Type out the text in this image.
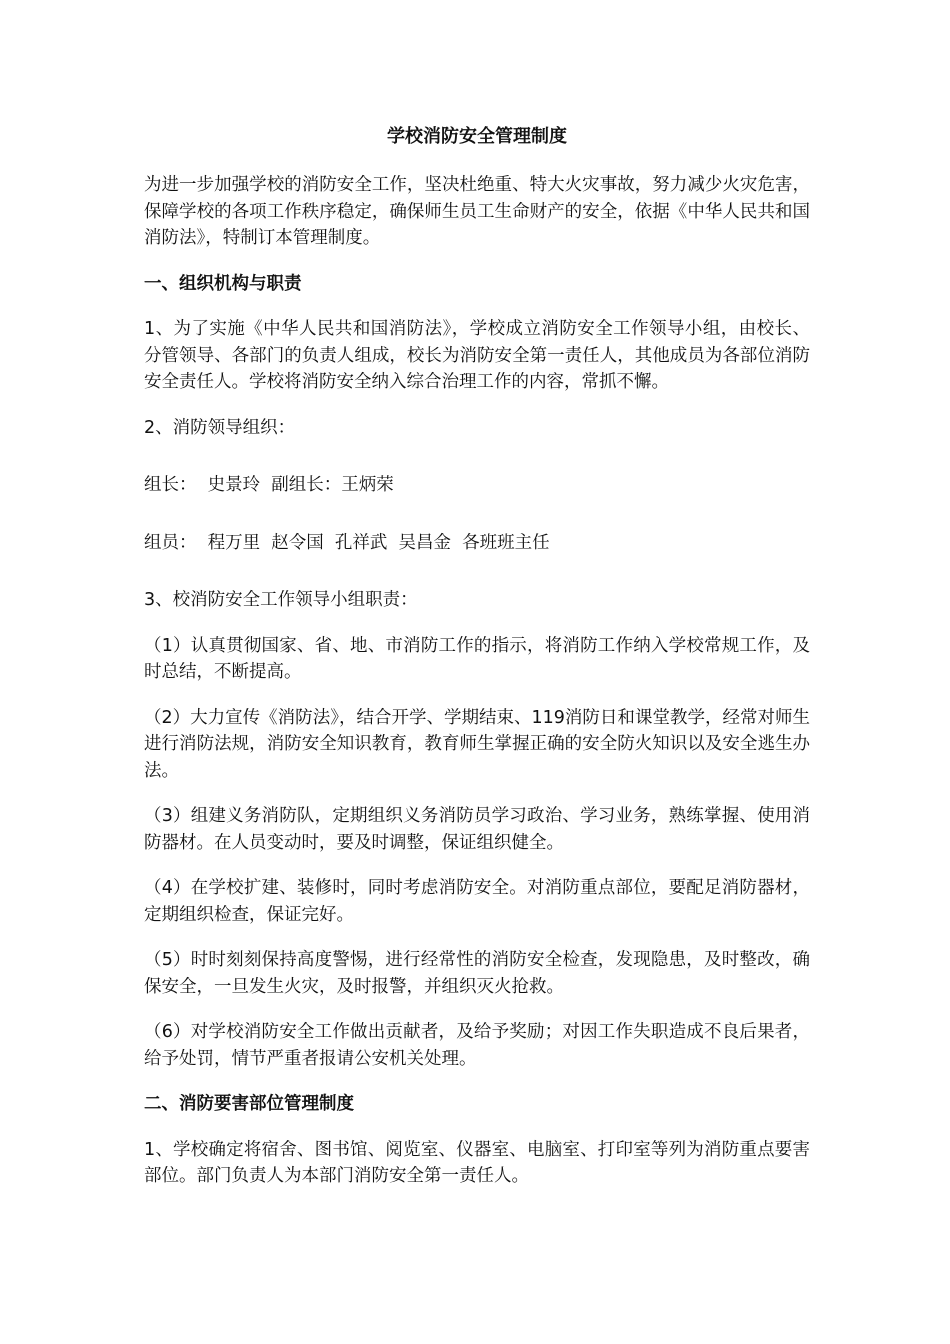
学校消防安全管理制度

为进一步加强学校的消防安全工作，坚决杜绝重、特大火灾事故，努力减少火灾危害，保障学校的各项工作秩序稳定，确保师生员工生命财产的安全，依据《中华人民共和国消防法》，特制订本管理制度。

一、组织机构与职责

1、为了实施《中华人民共和国消防法》，学校成立消防安全工作领导小组，由校长、分管领导、各部门的负责人组成，校长为消防安全第一责任人，其他成员为各部位消防安全责任人。学校将消防安全纳入综合治理工作的内容，常抓不懈。

2、消防领导组织：

组长：  史景玲  副组长：王炳荣

组员：  程万里  赵令国  孔祥武  吴昌金  各班班主任

3、校消防安全工作领导小组职责：

（1）认真贯彻国家、省、地、市消防工作的指示，将消防工作纳入学校常规工作，及时总结，不断提高。

（2）大力宣传《消防法》，结合开学、学期结束、119消防日和课堂教学，经常对师生进行消防法规，消防安全知识教育，教育师生掌握正确的安全防火知识以及安全逃生办法。

（3）组建义务消防队，定期组织义务消防员学习政治、学习业务，熟练掌握、使用消防器材。在人员变动时，要及时调整，保证组织健全。

（4）在学校扩建、装修时，同时考虑消防安全。对消防重点部位，要配足消防器材，定期组织检查，保证完好。

（5）时时刻刻保持高度警惕，进行经常性的消防安全检查，发现隐患，及时整改，确保安全，一旦发生火灾，及时报警，并组织灭火抢救。

（6）对学校消防安全工作做出贡献者，及给予奖励；对因工作失职造成不良后果者，给予处罚，情节严重者报请公安机关处理。

二、消防要害部位管理制度

1、学校确定将宿舍、图书馆、阅览室、仪器室、电脑室、打印室等列为消防重点要害部位。部门负责人为本部门消防安全第一责任人。
